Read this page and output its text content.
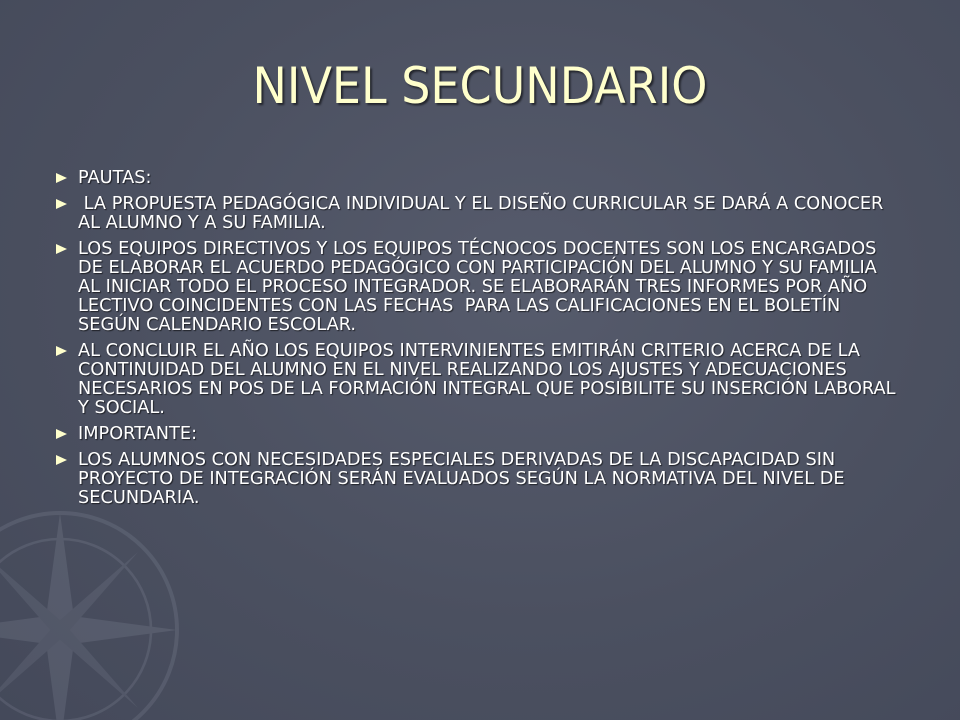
NIVEL SECUNDARIO
PAUTAS:
LA PROPUESTA PEDAGÓGICA INDIVIDUAL Y EL DISEÑO CURRICULAR SE DARÁ A CONOCER AL ALUMNO Y A SU FAMILIA.
LOS EQUIPOS DIRECTIVOS Y LOS EQUIPOS TÉCNOCOS DOCENTES SON LOS ENCARGADOS DE ELABORAR EL ACUERDO PEDAGÓGICO CON PARTICIPACIÓN DEL ALUMNO Y SU FAMILIA AL INICIAR TODO EL PROCESO INTEGRADOR. SE ELABORARÁN TRES INFORMES POR AÑO LECTIVO COINCIDENTES CON LAS FECHAS  PARA LAS CALIFICACIONES EN EL BOLETÍN SEGÚN CALENDARIO ESCOLAR.
AL CONCLUIR EL AÑO LOS EQUIPOS INTERVINIENTES EMITIRÁN CRITERIO ACERCA DE LA CONTINUIDAD DEL ALUMNO EN EL NIVEL REALIZANDO LOS AJUSTES Y ADECUACIONES NECESARIOS EN POS DE LA FORMACIÓN INTEGRAL QUE POSIBILITE SU INSERCIÓN LABORAL Y SOCIAL.
IMPORTANTE:
LOS ALUMNOS CON NECESIDADES ESPECIALES DERIVADAS DE LA DISCAPACIDAD SIN PROYECTO DE INTEGRACIÓN SERÁN EVALUADOS SEGÚN LA NORMATIVA DEL NIVEL DE SECUNDARIA.
